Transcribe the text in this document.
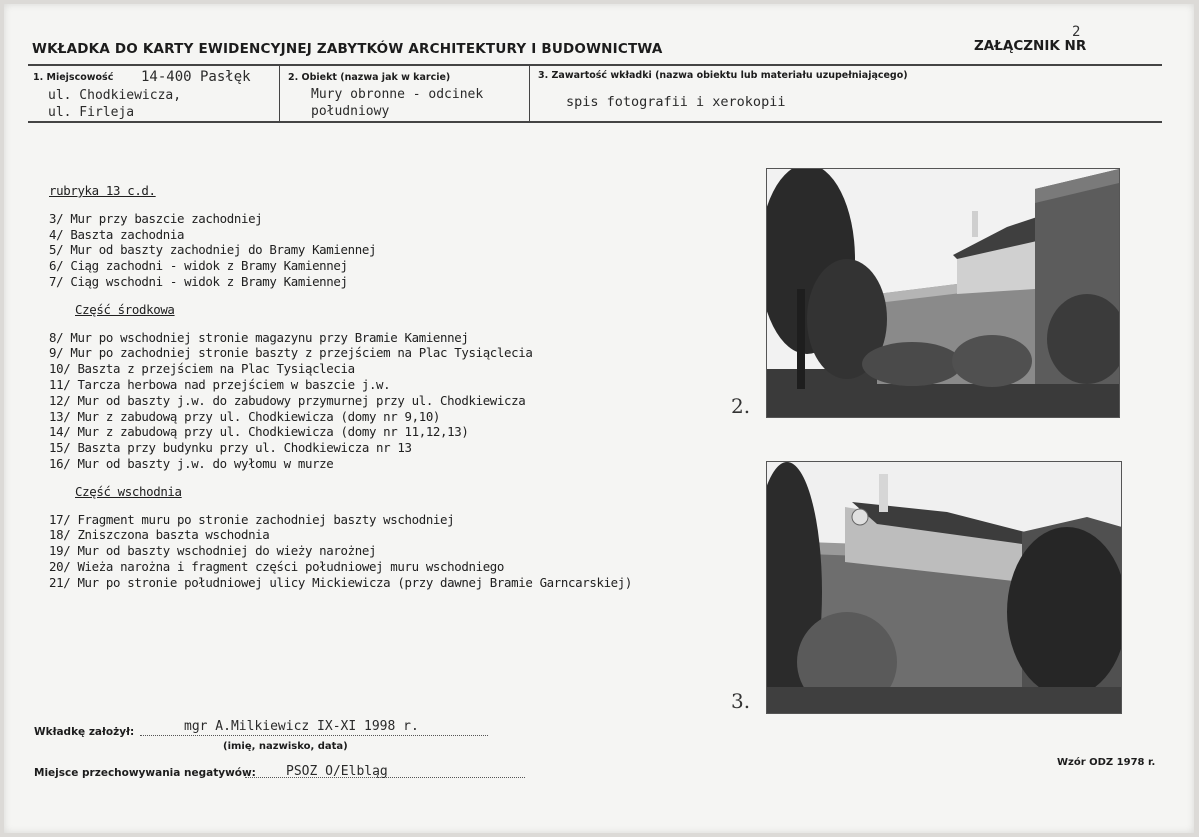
WKŁADKA DO KARTY EWIDENCYJNEJ ZABYTKÓW ARCHITEKTURY I BUDOWNICTWA	ZAŁĄCZNIK NR
2
1. Miejscowość 14-400 Pasłęk
ul. Chodkiewicza,
ul. Firleja
2. Obiekt (nazwa jak w karcie)
Mury obronne - odcinek
południowy
3. Zawartość wkładki (nazwa obiektu lub materiału uzupełniającego)
spis fotografii i xerokopii
rubryka 13 c.d.
3/ Mur przy baszcie zachodniej
4/ Baszta zachodnia
5/ Mur od baszty zachodniej do Bramy Kamiennej
6/ Ciąg zachodni - widok z Bramy Kamiennej
7/ Ciąg wschodni - widok z Bramy Kamiennej
Część środkowa
8/ Mur po wschodniej stronie magazynu przy Bramie Kamiennej
9/ Mur po zachodniej stronie baszty z przejściem na Plac Tysiąclecia
10/ Baszta z przejściem na Plac Tysiąclecia
11/ Tarcza herbowa nad przejściem w baszcie j.w.
12/ Mur od baszty j.w. do zabudowy przymurnej przy ul. Chodkiewicza
13/ Mur z zabudową przy ul. Chodkiewicza (domy nr 9,10)
14/ Mur z zabudową przy ul. Chodkiewicza (domy nr 11,12,13)
15/ Baszta przy budynku przy ul. Chodkiewicza nr 13
16/ Mur od baszty j.w. do wyłomu w murze
Część wschodnia
17/ Fragment muru po stronie zachodniej baszty wschodniej
18/ Zniszczona baszta wschodnia
19/ Mur od baszty wschodniej do wieży narożnej
20/ Wieża narożna i fragment części południowej muru wschodniego
21/ Mur po stronie południowej ulicy Mickiewicza (przy dawnej Bramie Garncarskiej)
2.
3.
Wkładkę założył:	mgr A.Milkiewicz IX-XI 1998 r.
(imię, nazwisko, data)
Miejsce przechowywania negatywów: PSOZ O/Elbląg
Wzór ODZ 1978 r.
